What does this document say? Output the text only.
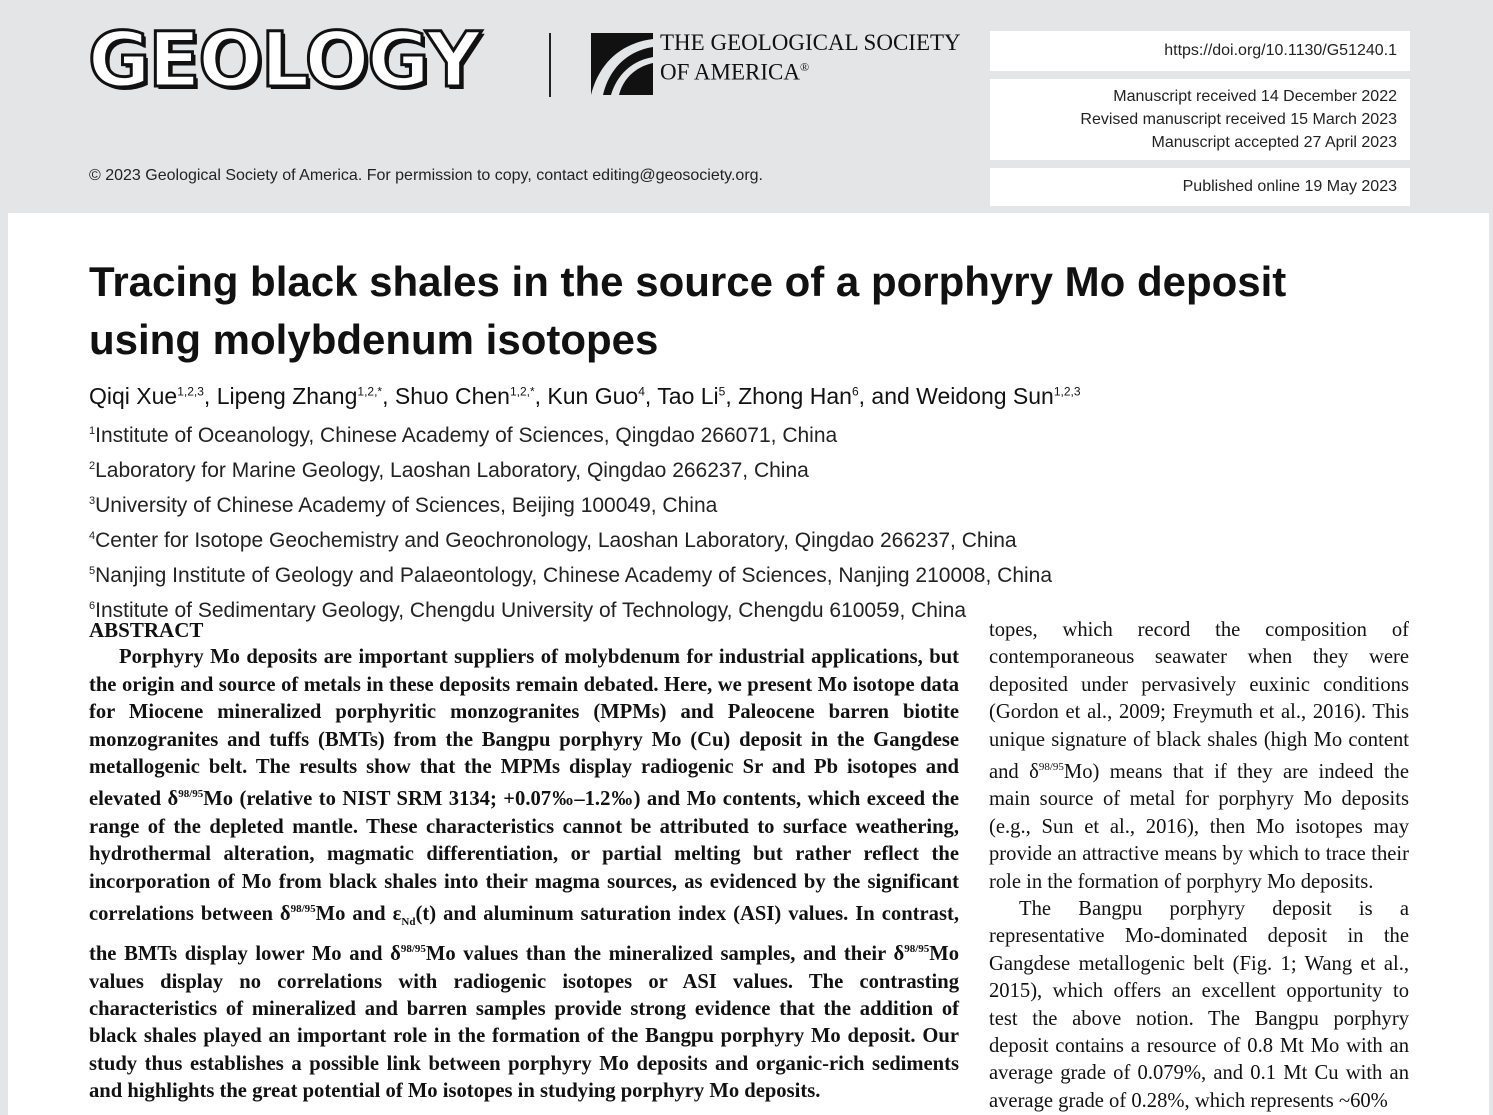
GEOLOGY	THE GEOLOGICAL SOCIETY
OF AMERICA®
© 2023 Geological Society of America. For permission to copy, contact editing@geosociety.org.
https://doi.org/10.1130/G51240.1
Manuscript received 14 December 2022
Revised manuscript received 15 March 2023
Manuscript accepted 27 April 2023
Published online 19 May 2023
Tracing black shales in the source of a porphyry Mo deposit using molybdenum isotopes
Qiqi Xue$^{1,2,3}$, Lipeng Zhang$^{1,2,*}$, Shuo Chen$^{1,2,*}$, Kun Guo$^4$, Tao Li$^5$, Zhong Han$^6$, and Weidong Sun$^{1,2,3}$
$^1$Institute of Oceanology, Chinese Academy of Sciences, Qingdao 266071, China
$^2$Laboratory for Marine Geology, Laoshan Laboratory, Qingdao 266237, China
$^3$University of Chinese Academy of Sciences, Beijing 100049, China
$^4$Center for Isotope Geochemistry and Geochronology, Laoshan Laboratory, Qingdao 266237, China
$^5$Nanjing Institute of Geology and Palaeontology, Chinese Academy of Sciences, Nanjing 210008, China
$^6$Institute of Sedimentary Geology, Chengdu University of Technology, Chengdu 610059, China
ABSTRACT

Porphyry Mo deposits are important suppliers of molybdenum for industrial applications, but the origin and source of metals in these deposits remain debated. Here, we present Mo isotope data for Miocene mineralized porphyritic monzogranites (MPMs) and Paleocene barren biotite monzogranites and tuffs (BMTs) from the Bangpu porphyry Mo (Cu) deposit in the Gangdese metallogenic belt. The results show that the MPMs display radiogenic Sr and Pb isotopes and elevated $\delta^{98/95}Mo$ (relative to NIST SRM 3134; +0.07‰–1.2‰) and Mo contents, which exceed the range of the depleted mantle. These characteristics cannot be attributed to surface weathering, hydrothermal alteration, magmatic differentiation, or partial melting but rather reflect the incorporation of Mo from black shales into their magma sources, as evidenced by the significant correlations between $\delta^{98/95}Mo$ and $\varepsilon_{Nd}(t)$ and aluminum saturation index (ASI) values. In contrast, the BMTs display lower Mo and $\delta^{98/95}Mo$ values than the mineralized samples, and their $\delta^{98/95}Mo$ values display no correlations with radiogenic isotopes or ASI values. The contrasting characteristics of mineralized and barren samples provide strong evidence that the addition of black shales played an important role in the formation of the Bangpu porphyry Mo deposit. Our study thus establishes a possible link between porphyry Mo deposits and organic-rich sediments and highlights the great potential of Mo isotopes in studying porphyry Mo deposits.

topes, which record the composition of contemporaneous seawater when they were deposited under pervasively euxinic conditions (Gordon et al., 2009; Freymuth et al., 2016). This unique signature of black shales (high Mo content and $\delta^{98/95}Mo$) means that if they are indeed the main source of metal for porphyry Mo deposits (e.g., Sun et al., 2016), then Mo isotopes may provide an attractive means by which to trace their role in the formation of porphyry Mo deposits.

The Bangpu porphyry deposit is a representative Mo-dominated deposit in the Gangdese metallogenic belt (Fig. 1; Wang et al., 2015), which offers an excellent opportunity to test the above notion. The Bangpu porphyry deposit contains a resource of 0.8 Mt Mo with an average grade of 0.079%, and 0.1 Mt Cu with an average grade of 0.28%, which represents ~60%
